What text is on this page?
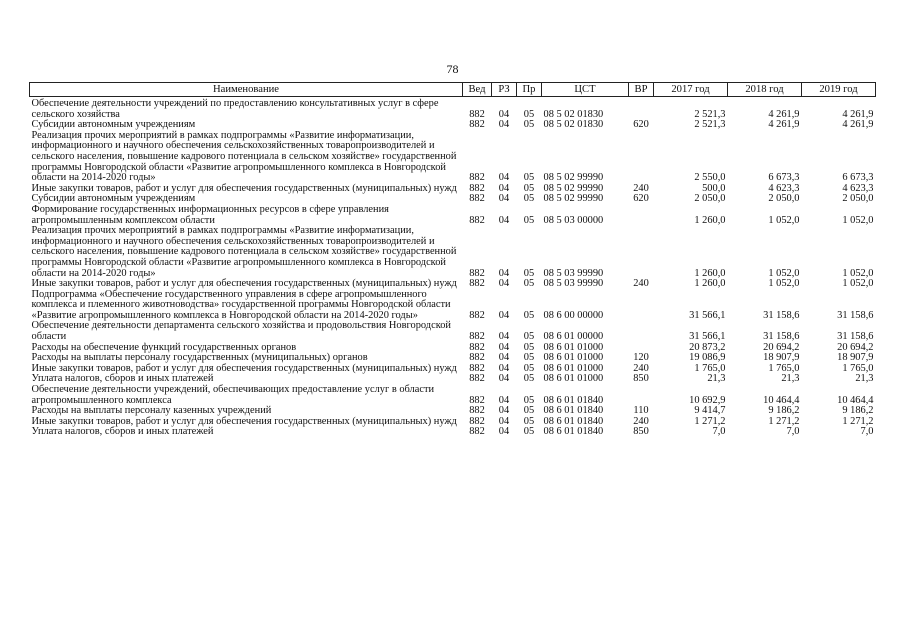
78
Наименование	Вед	РЗ	Пр	ЦСТ	ВР	2017 год	2018 год	2019 год
Обеспечение деятельности учреждений по предоставлению консультативных услуг в сфере сельского хозяйства	882	04	05	08 5 02 01830		2 521,3	4 261,9	4 261,9
Субсидии автономным учреждениям	882	04	05	08 5 02 01830	620	2 521,3	4 261,9	4 261,9
Реализация прочих мероприятий в рамках подпрограммы «Развитие информатизации, информационного и научного обеспечения сельскохозяйственных товаропроизводителей и сельского населения, повышение кадрового потенциала в сельском хозяйстве» государственной программы Новгородской области «Развитие агропромышленного комплекса в Новгородской области на 2014-2020 годы»	882	04	05	08 5 02 99990		2 550,0	6 673,3	6 673,3
Иные закупки товаров, работ и услуг для обеспечения государственных (муниципальных) нужд	882	04	05	08 5 02 99990	240	500,0	4 623,3	4 623,3
Субсидии автономным учреждениям	882	04	05	08 5 02 99990	620	2 050,0	2 050,0	2 050,0
Формирование государственных информационных ресурсов в сфере управления агропромышленным комплексом области	882	04	05	08 5 03 00000		1 260,0	1 052,0	1 052,0
Реализация прочих мероприятий в рамках подпрограммы «Развитие информатизации, информационного и научного обеспечения сельскохозяйственных товаропроизводителей и сельского населения, повышение кадрового потенциала в сельском хозяйстве» государственной программы Новгородской области «Развитие агропромышленного комплекса в Новгородской области на 2014-2020 годы»	882	04	05	08 5 03 99990		1 260,0	1 052,0	1 052,0
Иные закупки товаров, работ и услуг для обеспечения государственных (муниципальных) нужд	882	04	05	08 5 03 99990	240	1 260,0	1 052,0	1 052,0
Подпрограмма «Обеспечение государственного управления в сфере агропромышленного комплекса и племенного животноводства» государственной программы Новгородской области «Развитие агропромышленного комплекса в Новгородской области на 2014-2020 годы»	882	04	05	08 6 00 00000		31 566,1	31 158,6	31 158,6
Обеспечение деятельности департамента сельского хозяйства и продовольствия Новгородской области	882	04	05	08 6 01 00000		31 566,1	31 158,6	31 158,6
Расходы на обеспечение функций государственных органов	882	04	05	08 6 01 01000		20 873,2	20 694,2	20 694,2
Расходы на выплаты персоналу государственных (муниципальных) органов	882	04	05	08 6 01 01000	120	19 086,9	18 907,9	18 907,9
Иные закупки товаров, работ и услуг для обеспечения государственных (муниципальных) нужд	882	04	05	08 6 01 01000	240	1 765,0	1 765,0	1 765,0
Уплата налогов, сборов и иных платежей	882	04	05	08 6 01 01000	850	21,3	21,3	21,3
Обеспечение деятельности учреждений, обеспечивающих предоставление услуг в области агропромышленного комплекса	882	04	05	08 6 01 01840		10 692,9	10 464,4	10 464,4
Расходы на выплаты персоналу казенных учреждений	882	04	05	08 6 01 01840	110	9 414,7	9 186,2	9 186,2
Иные закупки товаров, работ и услуг для обеспечения государственных (муниципальных) нужд	882	04	05	08 6 01 01840	240	1 271,2	1 271,2	1 271,2
Уплата налогов, сборов и иных платежей	882	04	05	08 6 01 01840	850	7,0	7,0	7,0
